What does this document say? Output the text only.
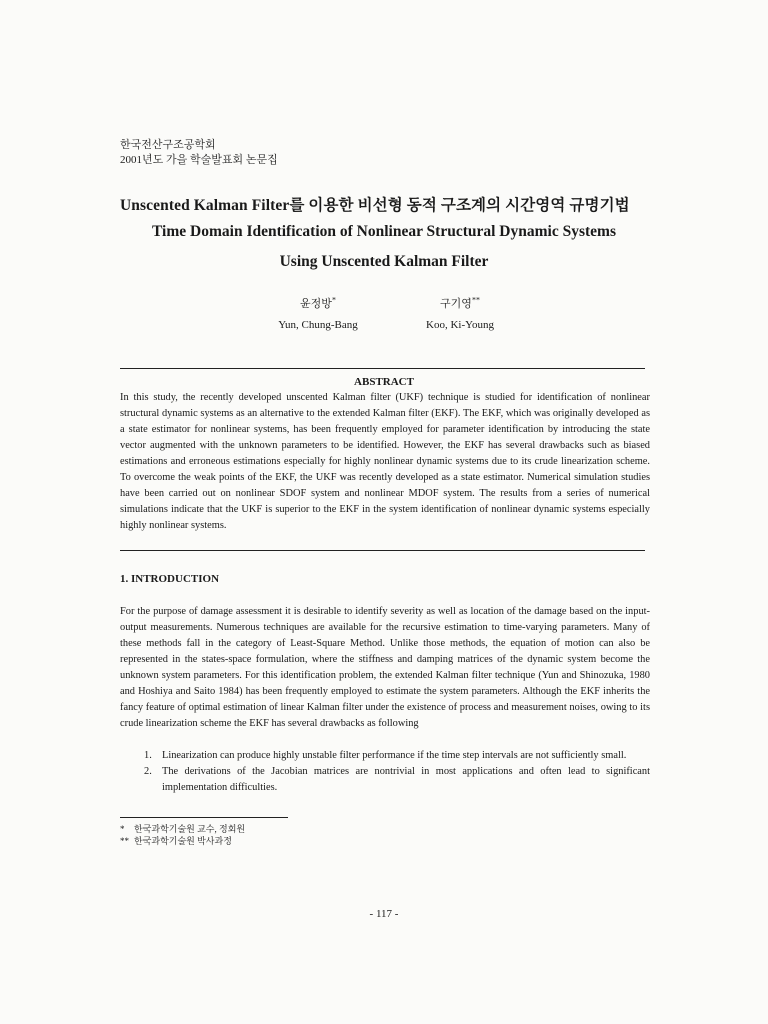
한국전산구조공학회
2001년도 가을 학술발표회 논문집
Unscented Kalman Filter를 이용한 비선형 동적 구조계의 시간영역 규명기법
Time Domain Identification of Nonlinear Structural Dynamic Systems
Using Unscented Kalman Filter
윤정방*
Yun, Chung-Bang
구기영**
Koo, Ki-Young
ABSTRACT
In this study, the recently developed unscented Kalman filter (UKF) technique is studied for identification of nonlinear structural dynamic systems as an alternative to the extended Kalman filter (EKF). The EKF, which was originally developed as a state estimator for nonlinear systems, has been frequently employed for parameter identification by introducing the state vector augmented with the unknown parameters to be identified. However, the EKF has several drawbacks such as biased estimations and erroneous estimations especially for highly nonlinear dynamic systems due to its crude linearization scheme. To overcome the weak points of the EKF, the UKF was recently developed as a state estimator. Numerical simulation studies have been carried out on nonlinear SDOF system and nonlinear MDOF system. The results from a series of numerical simulations indicate that the UKF is superior to the EKF in the system identification of nonlinear dynamic systems especially highly nonlinear systems.
1. INTRODUCTION
For the purpose of damage assessment it is desirable to identify severity as well as location of the damage based on the input-output measurements. Numerous techniques are available for the recursive estimation to time-varying parameters. Many of these methods fall in the category of Least-Square Method. Unlike those methods, the equation of motion can also be represented in the states-space formulation, where the stiffness and damping matrices of the dynamic system become the unknown system parameters. For this identification problem, the extended Kalman filter technique (Yun and Shinozuka, 1980 and Hoshiya and Saito 1984) has been frequently employed to estimate the system parameters. Although the EKF inherits the fancy feature of optimal estimation of linear Kalman filter under the existence of process and measurement noises, owing to its crude linearization scheme the EKF has several drawbacks as following
1. Linearization can produce highly unstable filter performance if the time step intervals are not sufficiently small.
2. The derivations of the Jacobian matrices are nontrivial in most applications and often lead to significant implementation difficulties.
* 한국과학기술원 교수, 정회원
** 한국과학기술원 박사과정
- 117 -
